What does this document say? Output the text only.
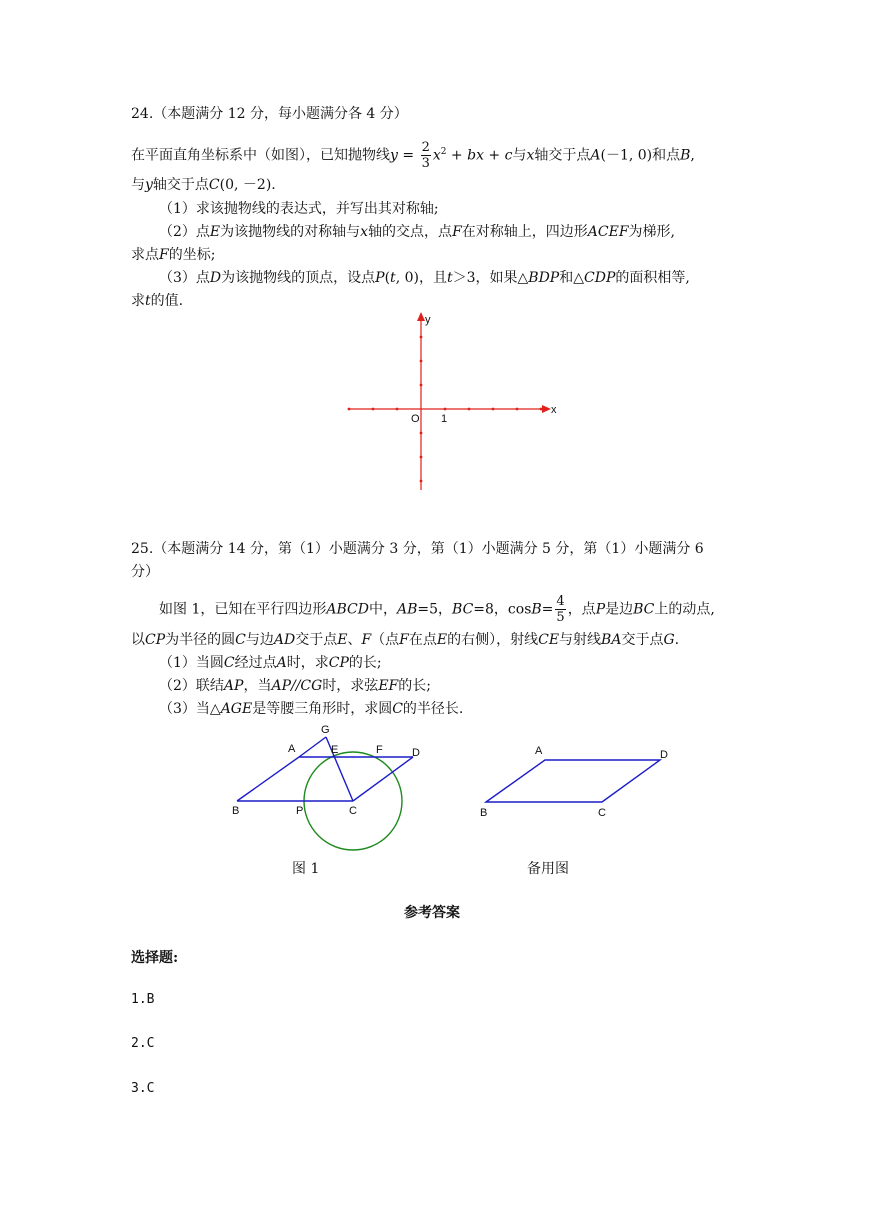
24.（本题满分 12 分，每小题满分各 4 分）
在平面直角坐标系中（如图），已知抛物线$y = \frac{2}{3} x^2$ + bx + c与x轴交于点A(－1, 0)和点B,
与y轴交于点C(0, －2).
（1）求该抛物线的表达式，并写出其对称轴;
（2）点E为该抛物线的对称轴与x轴的交点，点F在对称轴上，四边形ACEF为梯形,
求点F的坐标;
（3）点D为该抛物线的顶点，设点P(t, 0)，且t＞3，如果△BDP和△CDP的面积相等,
求t的值.
x
y
O 1
25.（本题满分 14 分，第（1）小题满分 3 分，第（1）小题满分 5 分，第（1）小题满分 6
分）
如图 1，已知在平行四边形ABCD中，AB=5，BC=8，$\cos B= \frac{4}{5}$ ，点P是边BC上的动点,
以CP为半径的圆C与边AD交于点E、F（点F在点E的右侧），射线CE与射线BA交于点G.
（1）当圆C经过点A时，求CP的长;
（2）联结AP，当AP//CG时，求弦EF的长;
（3）当△AGE是等腰三角形时，求圆C的半径长.
G
A	E	F	D
B	P	C
图 1
A	D
B	C
备用图
参考答案
选择题:
1.B
2.C
3.C
